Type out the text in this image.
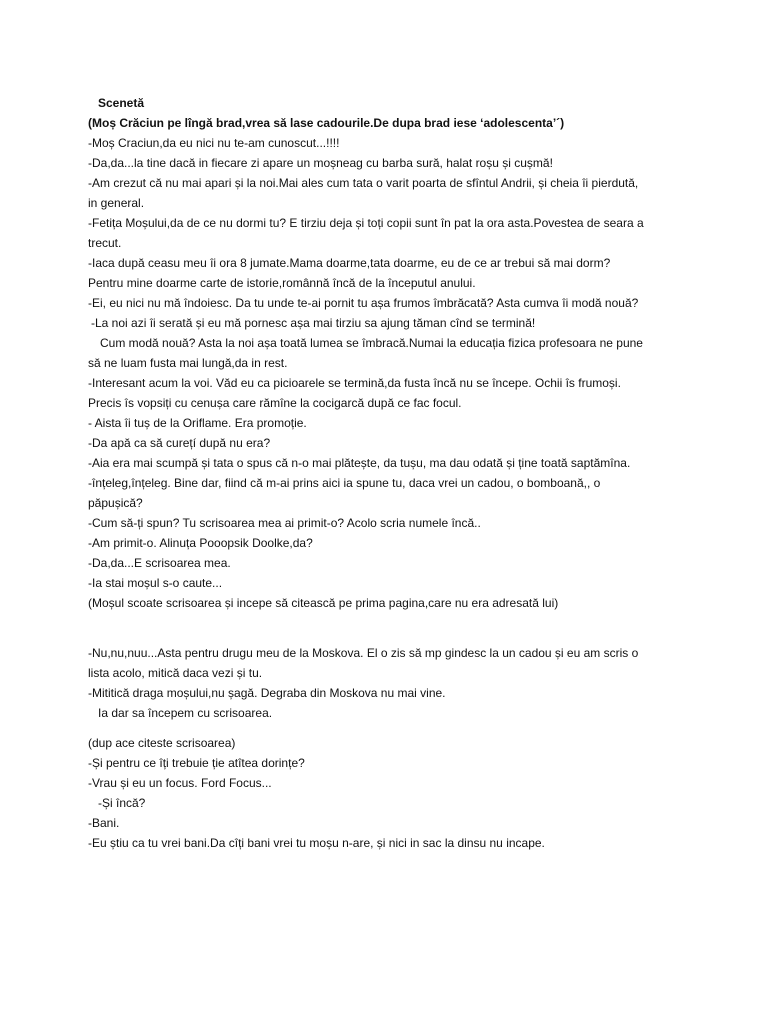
Scenetă
(Moș Crăciun pe lîngă brad,vrea să lase cadourile.De dupa brad iese ‘adolescenta’´)
-Moș Craciun,da eu nici nu te-am cunoscut...!!!!
-Da,da...la tine dacă in fiecare zi apare un moșneag cu barba sură, halat roșu și cușmă!
-Am crezut că nu mai apari și la noi.Mai ales cum tata o varit poarta de sfîntul Andrii, și cheia îi pierdută,
in general.
-Fetița Moșului,da de ce nu dormi tu? E tirziu deja și toți copii sunt în pat la ora asta.Povestea de seara a
trecut.
-Iaca după ceasu meu îi ora 8 jumate.Mama doarme,tata doarme, eu de ce ar trebui să mai dorm?
Pentru mine doarme carte de istorie,românnă încă de la începutul anului.
-Ei, eu nici nu mă îndoiesc. Da tu unde te-ai pornit tu așa frumos îmbrăcată? Asta cumva îi modă nouă?
-La noi azi îi serată și eu mă pornesc așa mai tirziu sa ajung tăman cînd se termină!
Cum modă nouă? Asta la noi așa toată lumea se îmbracă.Numai la educația fizica profesoara ne pune
să ne luam fusta mai lungă,da in rest.
-Interesant acum la voi. Văd eu ca picioarele se termină,da fusta încă nu se începe. Ochii îs frumoși.
Precis îs vopsiți cu cenușa care rămîne la cocigarcă după ce fac focul.
- Aista îi tuș de la Oriflame. Era promoție.
-Da apă ca să curețí după nu era?
-Aia era mai scumpă și tata o spus că n-o mai plătește, da tușu, ma dau odată și ține toată saptămîna.
-înțeleg,înțeleg. Bine dar, fiind că m-ai prins aici ia spune tu, daca vrei un cadou, o bomboană,, o
păpușică?
-Cum să-ți spun? Tu scrisoarea mea ai primit-o? Acolo scria numele încă..
-Am primit-o. Alinuța Pooopsik Doolke,da?
-Da,da...E scrisoarea mea.
-Ia stai moșul s-o caute...
(Moșul scoate scrisoarea și incepe să citească pe prima pagina,care nu era adresată lui)
-Nu,nu,nuu...Asta pentru drugu meu de la Moskova. El o zis să mp gindesc la un cadou și eu am scris o
lista acolo, mitică daca vezi și tu.
-Mititică draga moșului,nu șagă. Degraba din Moskova nu mai vine.
Ia dar sa începem cu scrisoarea.
(dup ace citeste scrisoarea)
-Și pentru ce îți trebuie ție atîtea dorințe?
-Vrau și eu un focus. Ford Focus...
-Și încă?
-Bani.
-Eu știu ca tu vrei bani.Da cîți bani vrei tu moșu n-are, și nici in sac la dinsu nu incape.
